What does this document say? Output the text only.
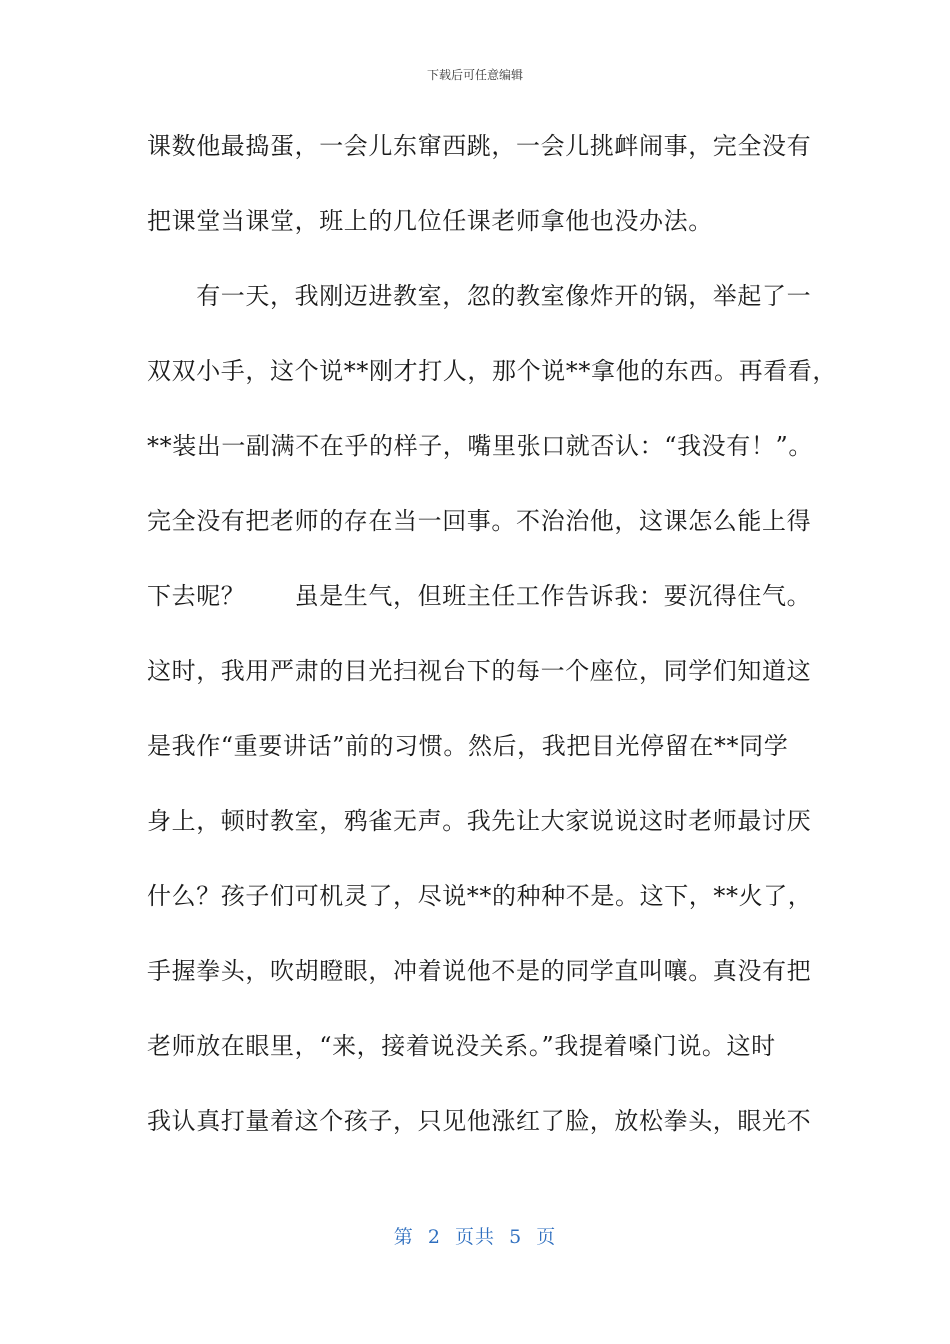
下载后可任意编辑
课数他最捣蛋，一会儿东窜西跳，一会儿挑衅闹事，完全没有
把课堂当课堂，班上的几位任课老师拿他也没办法。
　　有一天，我刚迈进教室，忽的教室像炸开的锅，举起了一
双双小手，这个说**刚才打人，那个说**拿他的东西。再看看，
**装出一副满不在乎的样子，嘴里张口就否认：“我没有！”。
完全没有把老师的存在当一回事。不治治他，这课怎么能上得
下去呢？　　虽是生气，但班主任工作告诉我：要沉得住气。
这时，我用严肃的目光扫视台下的每一个座位，同学们知道这
是我作“重要讲话”前的习惯。然后，我把目光停留在**同学
身上，顿时教室，鸦雀无声。我先让大家说说这时老师最讨厌
什么？孩子们可机灵了，尽说**的种种不是。这下，**火了，
手握拳头，吹胡瞪眼，冲着说他不是的同学直叫嚷。真没有把
老师放在眼里，“来，接着说没关系。”我提着嗓门说。这时
我认真打量着这个孩子，只见他涨红了脸，放松拳头，眼光不
第  2  页共  5  页
